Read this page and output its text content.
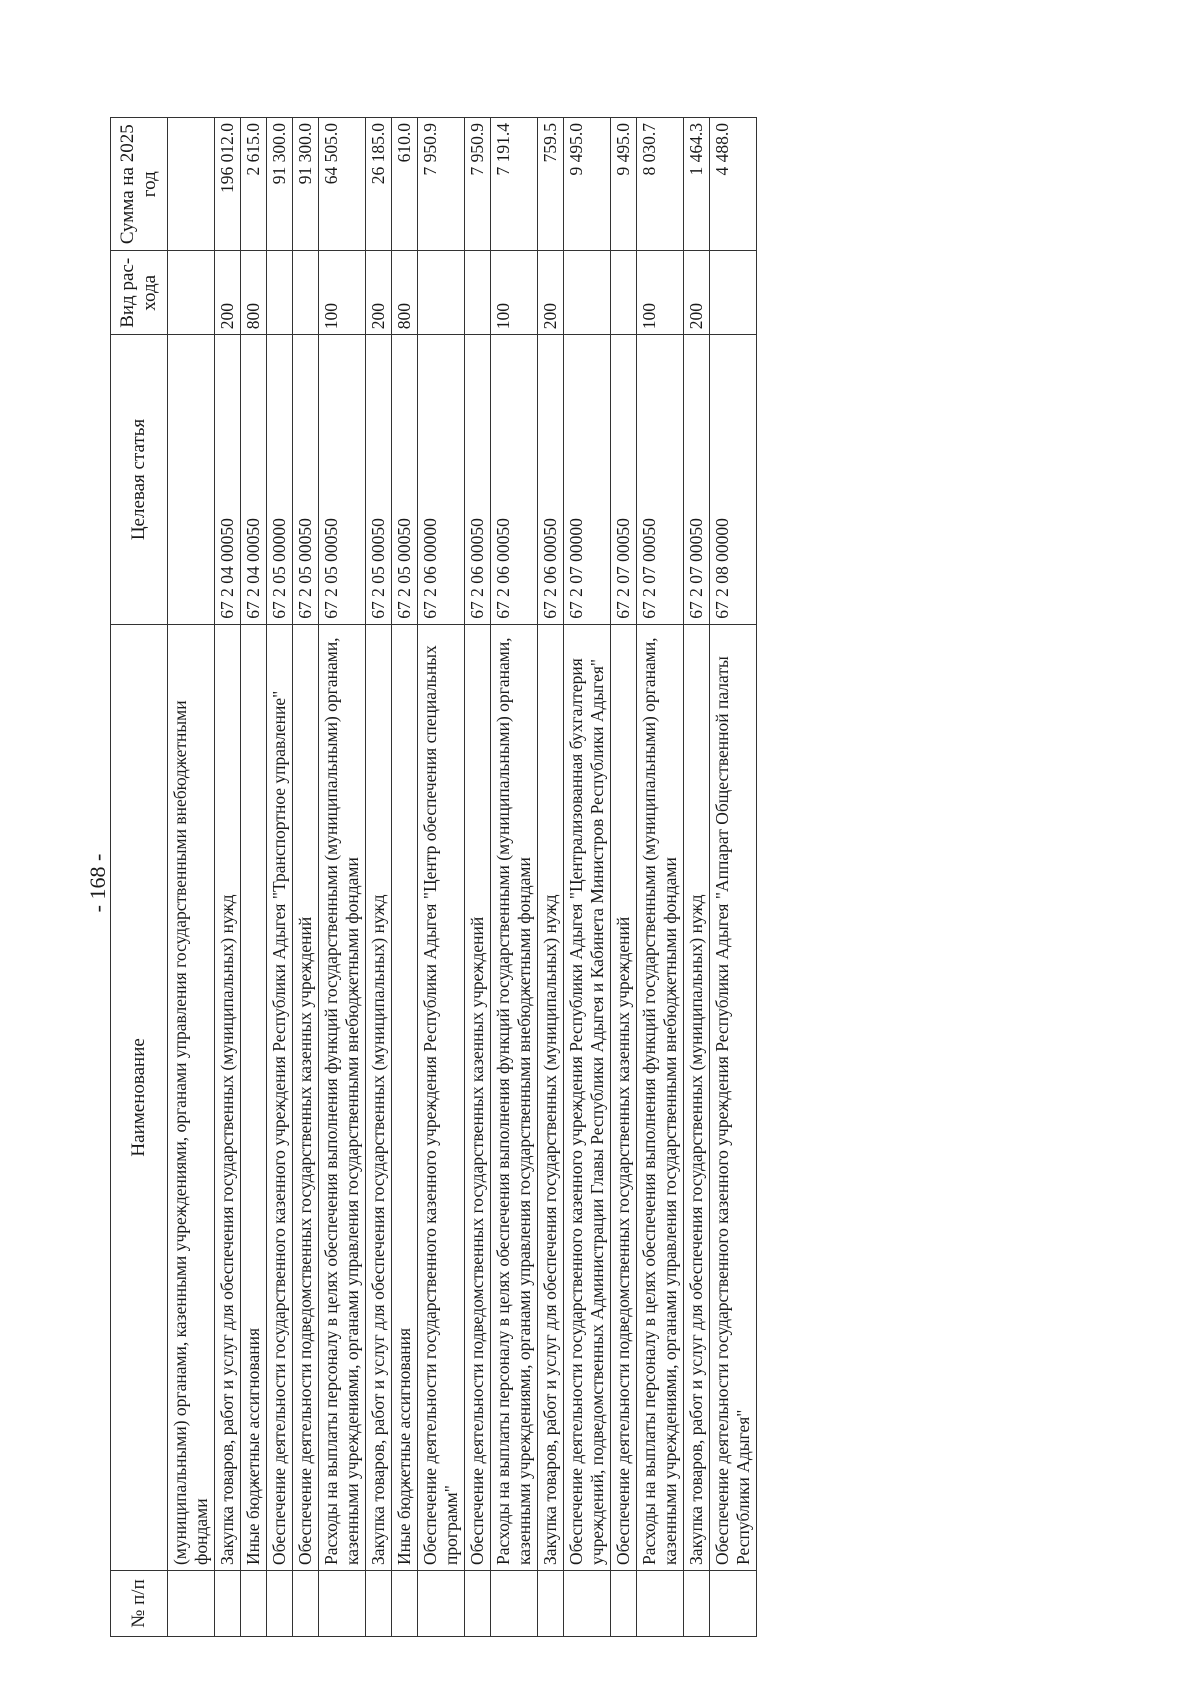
- 168 -
№ п/п	Наименование	Целевая статья	Вид рас- хода	Сумма на 2025 год
	(муниципальными) органами, казенными учреждениями, органами управления государственными внебюджетными фондами			
	Закупка товаров, работ и услуг для обеспечения государственных (муниципальных) нужд	67 2 04 00050	200	196 012.0
	Иные бюджетные ассигнования	67 2 04 00050	800	2 615.0
	Обеспечение деятельности государственного казенного учреждения Республики Адыгея "Транспортное управление"	67 2 05 00000		91 300.0
	Обеспечение деятельности подведомственных государственных казенных учреждений	67 2 05 00050		91 300.0
	Расходы на выплаты персоналу в целях обеспечения выполнения функций государственными (муниципальными) органами, казенными учреждениями, органами управления государственными внебюджетными фондами	67 2 05 00050	100	64 505.0
	Закупка товаров, работ и услуг для обеспечения государственных (муниципальных) нужд	67 2 05 00050	200	26 185.0
	Иные бюджетные ассигнования	67 2 05 00050	800	610.0
	Обеспечение деятельности государственного казенного учреждения Республики Адыгея "Центр обеспечения специальных программ"	67 2 06 00000		7 950.9
	Обеспечение деятельности подведомственных государственных казенных учреждений	67 2 06 00050		7 950.9
	Расходы на выплаты персоналу в целях обеспечения выполнения функций государственными (муниципальными) органами, казенными учреждениями, органами управления государственными внебюджетными фондами	67 2 06 00050	100	7 191.4
	Закупка товаров, работ и услуг для обеспечения государственных (муниципальных) нужд	67 2 06 00050	200	759.5
	Обеспечение деятельности государственного казенного учреждения Республики Адыгея "Централизованная бухгалтерия учреждений, подведомственных Администрации Главы Республики Адыгея и Кабинета Министров Республики Адыгея"	67 2 07 00000		9 495.0
	Обеспечение деятельности подведомственных государственных казенных учреждений	67 2 07 00050		9 495.0
	Расходы на выплаты персоналу в целях обеспечения выполнения функций государственными (муниципальными) органами, казенными учреждениями, органами управления государственными внебюджетными фондами	67 2 07 00050	100	8 030.7
	Закупка товаров, работ и услуг для обеспечения государственных (муниципальных) нужд	67 2 07 00050	200	1 464.3
	Обеспечение деятельности государственного казенного учреждения Республики Адыгея "Аппарат Общественной палаты Республики Адыгея"	67 2 08 00000		4 488.0
